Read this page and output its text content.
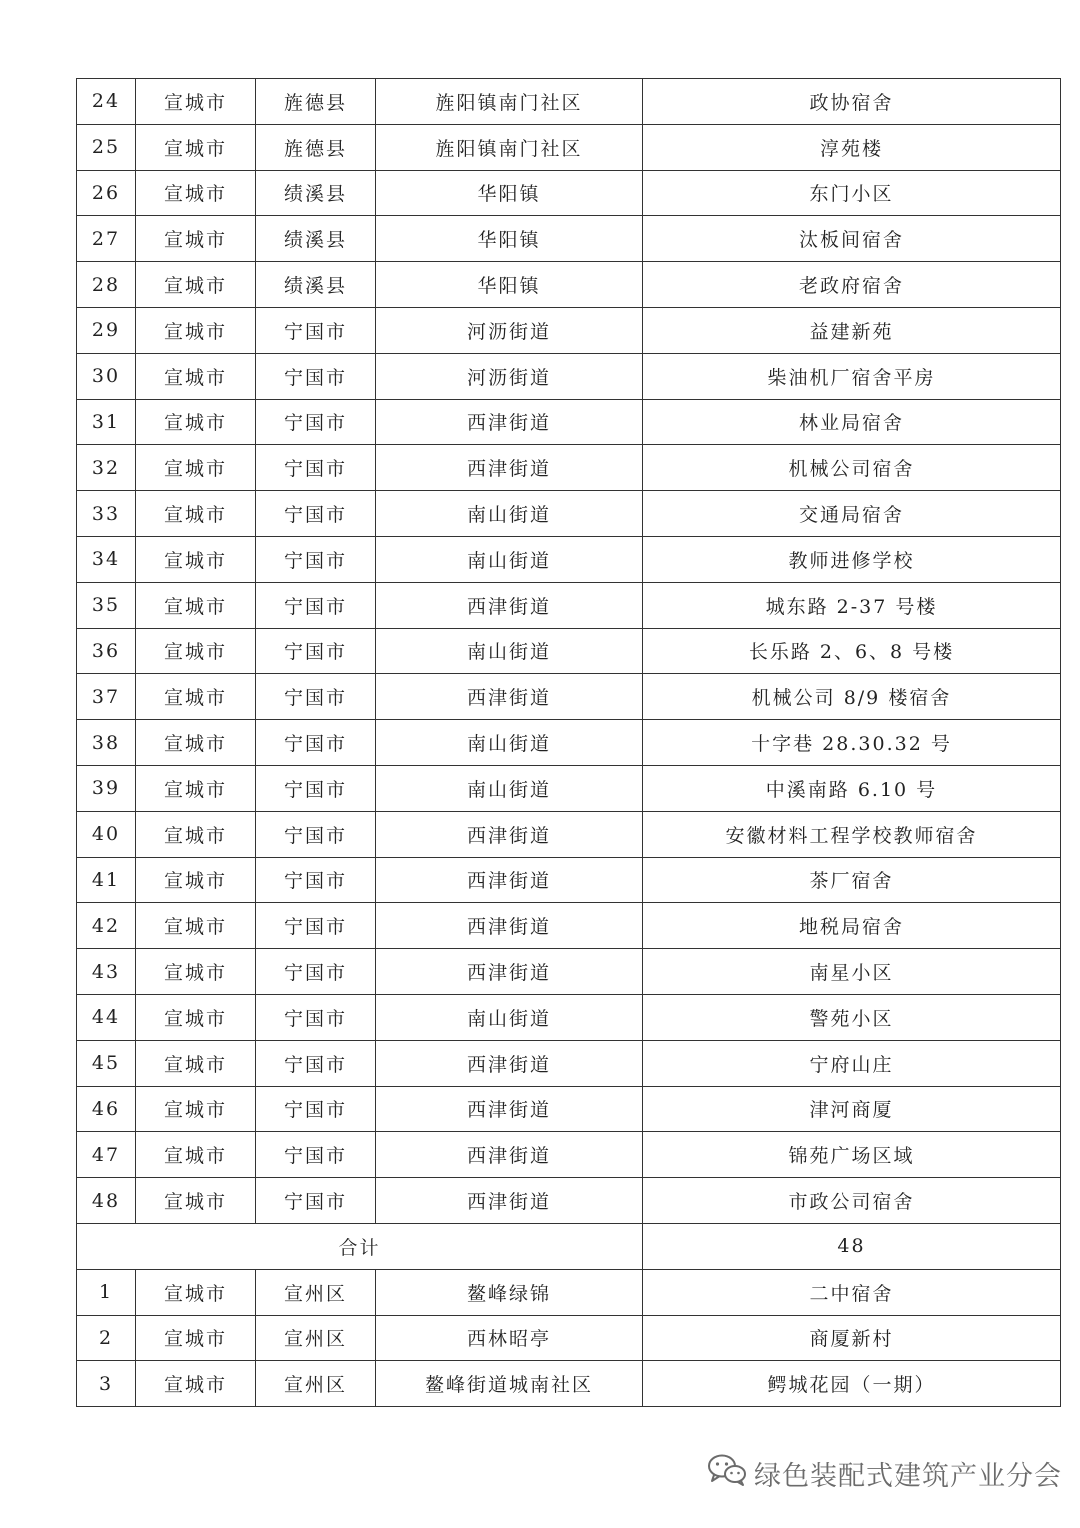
24	宣城市	旌德县	旌阳镇南门社区	政协宿舍
25	宣城市	旌德县	旌阳镇南门社区	淳苑楼
26	宣城市	绩溪县	华阳镇	东门小区
27	宣城市	绩溪县	华阳镇	汰板间宿舍
28	宣城市	绩溪县	华阳镇	老政府宿舍
29	宣城市	宁国市	河沥街道	益建新苑
30	宣城市	宁国市	河沥街道	柴油机厂宿舍平房
31	宣城市	宁国市	西津街道	林业局宿舍
32	宣城市	宁国市	西津街道	机械公司宿舍
33	宣城市	宁国市	南山街道	交通局宿舍
34	宣城市	宁国市	南山街道	教师进修学校
35	宣城市	宁国市	西津街道	城东路 2-37 号楼
36	宣城市	宁国市	南山街道	长乐路 2、6、8 号楼
37	宣城市	宁国市	西津街道	机械公司 8/9 楼宿舍
38	宣城市	宁国市	南山街道	十字巷 28.30.32 号
39	宣城市	宁国市	南山街道	中溪南路 6.10 号
40	宣城市	宁国市	西津街道	安徽材料工程学校教师宿舍
41	宣城市	宁国市	西津街道	茶厂宿舍
42	宣城市	宁国市	西津街道	地税局宿舍
43	宣城市	宁国市	西津街道	南星小区
44	宣城市	宁国市	南山街道	警苑小区
45	宣城市	宁国市	西津街道	宁府山庄
46	宣城市	宁国市	西津街道	津河商厦
47	宣城市	宁国市	西津街道	锦苑广场区域
48	宣城市	宁国市	西津街道	市政公司宿舍
合计				48
1	宣城市	宣州区	鳌峰绿锦	二中宿舍
2	宣城市	宣州区	西林昭亭	商厦新村
3	宣城市	宣州区	鳌峰街道城南社区	鳄城花园（一期）
绿色装配式建筑产业分会
